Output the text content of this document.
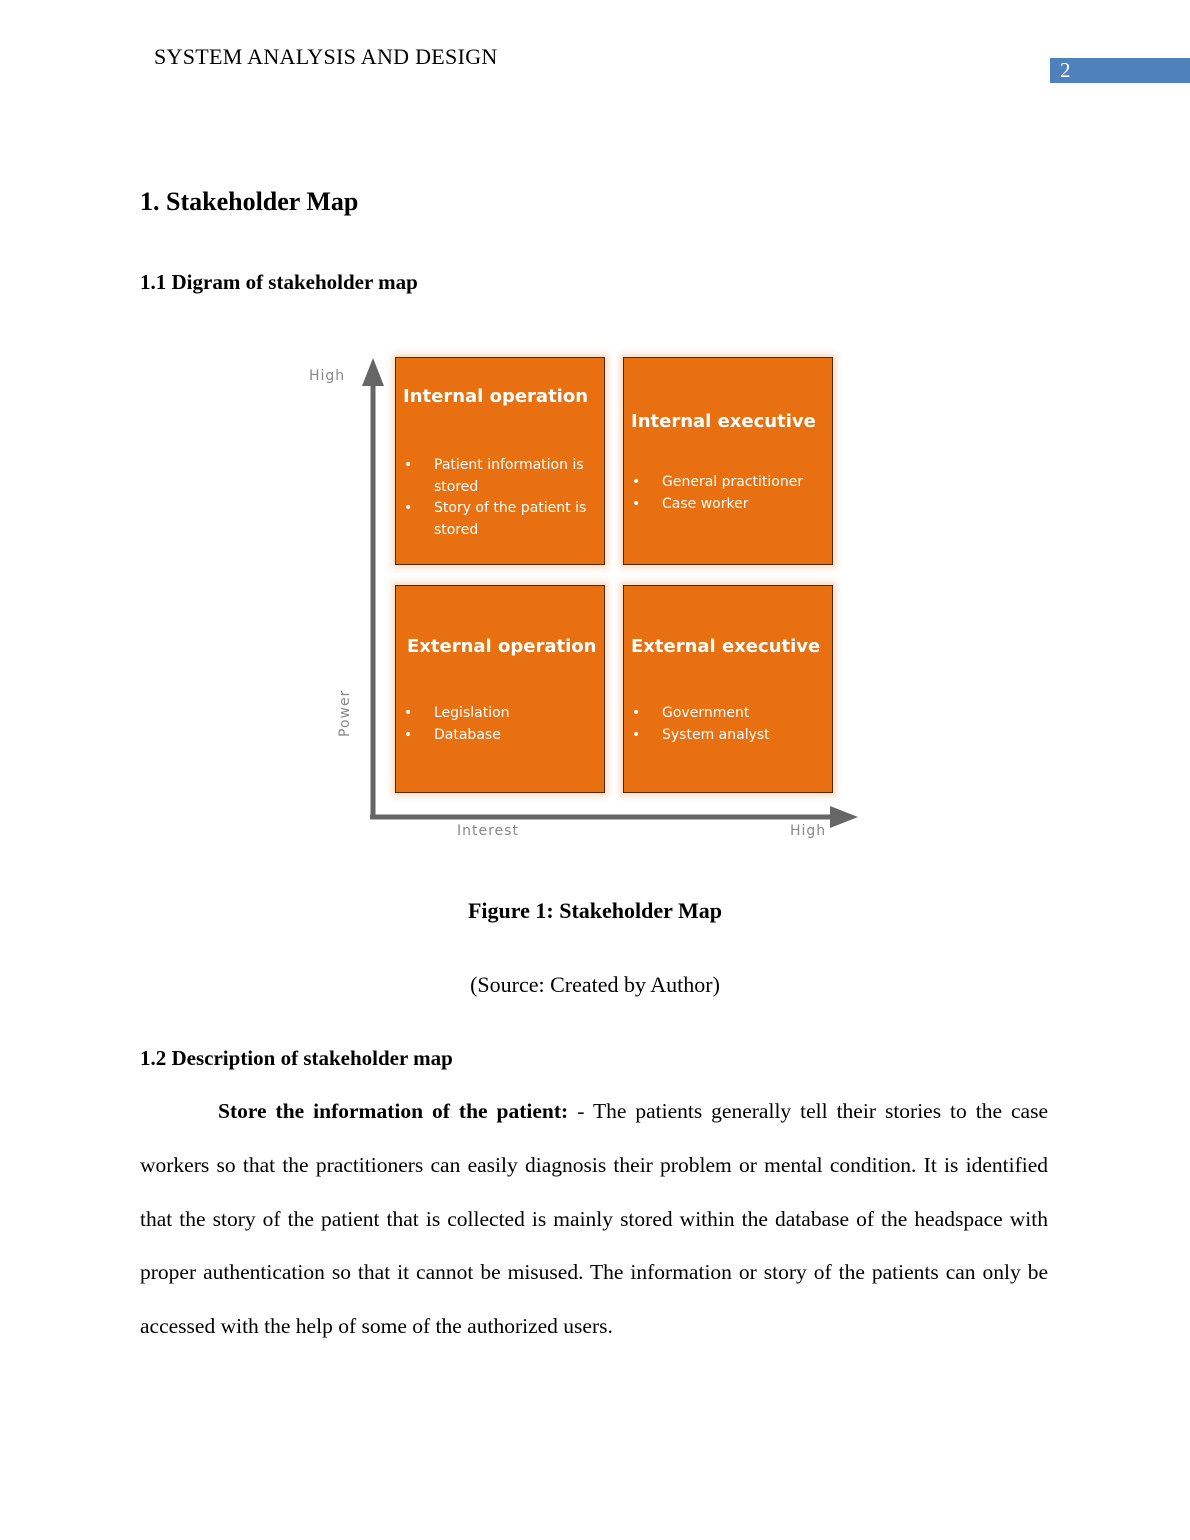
SYSTEM ANALYSIS AND DESIGN
2
1. Stakeholder Map
1.1 Digram of stakeholder map
High
Power
Interest	High
Internal operation
• Patient information is stored
• Story of the patient is stored
Internal executive
• General practitioner
• Case worker
External operation
• Legislation
• Database
External executive
• Government
• System analyst
Figure 1: Stakeholder Map
(Source: Created by Author)
1.2 Description of stakeholder map
Store the information of the patient: - The patients generally tell their stories to the case workers so that the practitioners can easily diagnosis their problem or mental condition. It is identified that the story of the patient that is collected is mainly stored within the database of the headspace with proper authentication so that it cannot be misused. The information or story of the patients can only be accessed with the help of some of the authorized users.
